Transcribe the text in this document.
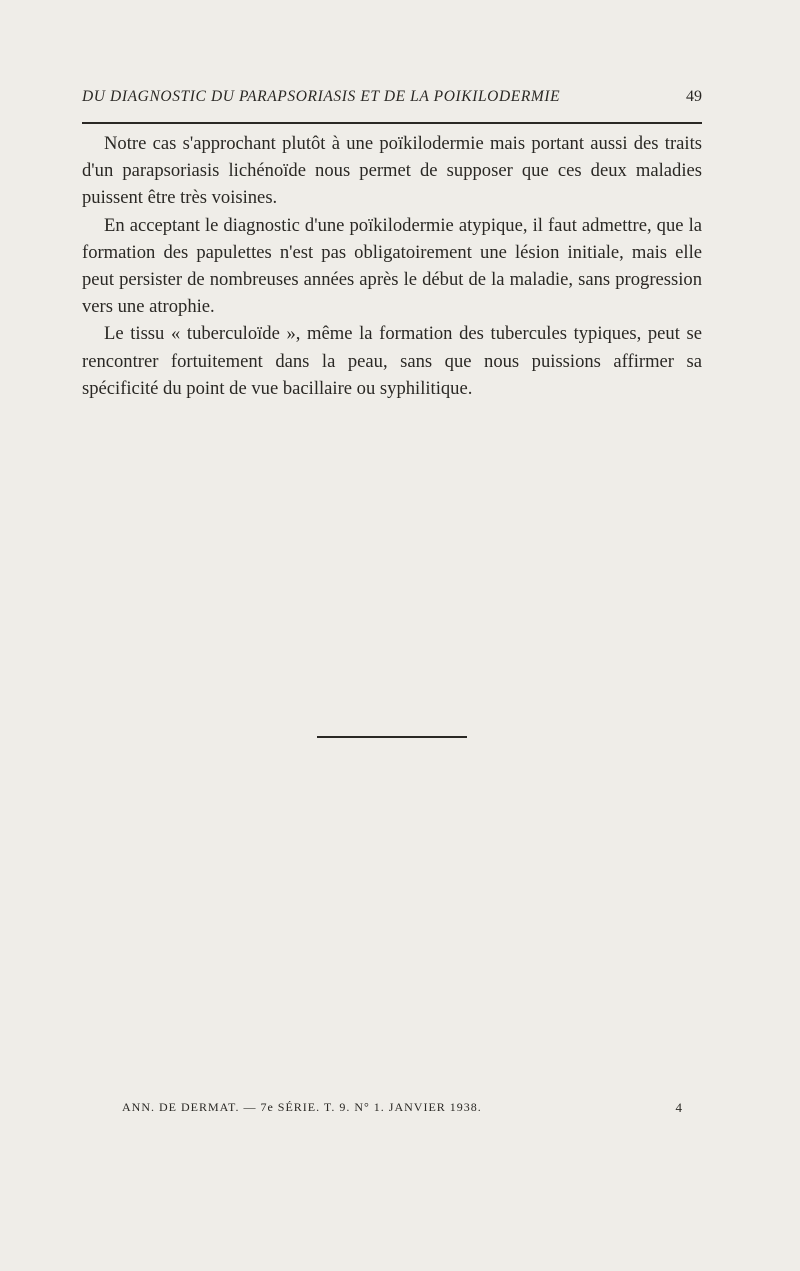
DU DIAGNOSTIC DU PARAPSORIASIS ET DE LA POIKILODERMIE	49

Notre cas s'approchant plutôt à une poïkilodermie mais portant aussi des traits d'un parapsoriasis lichénoïde nous permet de supposer que ces deux maladies puissent être très voisines.

En acceptant le diagnostic d'une poïkilodermie atypique, il faut admettre, que la formation des papulettes n'est pas obligatoirement une lésion initiale, mais elle peut persister de nombreuses années après le début de la maladie, sans progression vers une atrophie.

Le tissu « tuberculoïde », même la formation des tubercules typiques, peut se rencontrer fortuitement dans la peau, sans que nous puissions affirmer sa spécificité du point de vue bacillaire ou syphilitique.

ANN. DE DERMAT. — 7e SÉRIE. T. 9. N° 1. JANVIER 1938.	4
